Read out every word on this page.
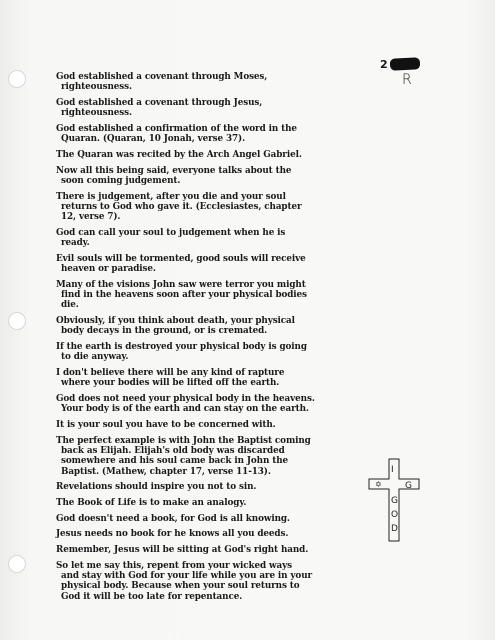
2
R

God established a covenant through Moses,
righteousness.

God established a covenant through Jesus,
righteousness.

God established a confirmation of the word in the
Quaran. (Quaran, 10 Jonah, verse 37).

The Quaran was recited by the Arch Angel Gabriel.

Now all this being said, everyone talks about the
soon coming judgement.

There is judgement, after you die and your soul
returns to God who gave it. (Ecclesiastes, chapter
12, verse 7).

God can call your soul to judgement when he is
ready.

Evil souls will be tormented, good souls will receive
heaven or paradise.

Many of the visions John saw were terror you might
find in the heavens soon after your physical bodies
die.

Obviously, if you think about death, your physical
body decays in the ground, or is cremated.

If the earth is destroyed your physical body is going
to die anyway.

I don't believe there will be any kind of rapture
where your bodies will be lifted off the earth.

God does not need your physical body in the heavens.
Your body is of the earth and can stay on the earth.

It is your soul you have to be concerned with.

The perfect example is with John the Baptist coming
back as Elijah. Elijah's old body was discarded
somewhere and his soul came back in John the
Baptist. (Mathew, chapter 17, verse 11-13).

Revelations should inspire you not to sin.

The Book of Life is to make an analogy.

God doesn't need a book, for God is all knowing.

Jesus needs no book for he knows all you deeds.

Remember, Jesus will be sitting at God's right hand.

So let me say this, repent from your wicked ways
and stay with God for your life while you are in your
physical body. Because when your soul returns to
God it will be too late for repentance.

✡
I
G
G
O
D
